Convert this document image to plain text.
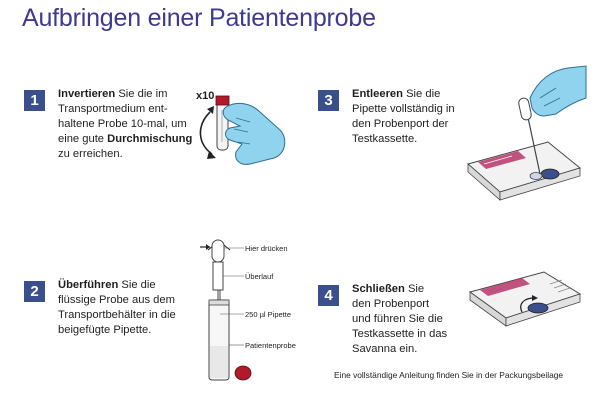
Aufbringen einer Patientenprobe
1	Invertieren Sie die im
Transportmedium ent-
haltene Probe 10-mal, um
eine gute Durchmischung
zu erreichen.
x10
2	Überführen Sie die
flüssige Probe aus dem
Transportbehälter in die
beigefügte Pipette.
Hier drücken
Überlauf
250 µl Pipette
Patientenprobe
3	Entleeren Sie die
Pipette vollständig in
den Probenport der
Testkassette.
4	Schließen Sie
den Probenport
und führen Sie die
Testkassette in das
Savanna ein.
Eine vollständige Anleitung finden Sie in der Packungsbeilage
